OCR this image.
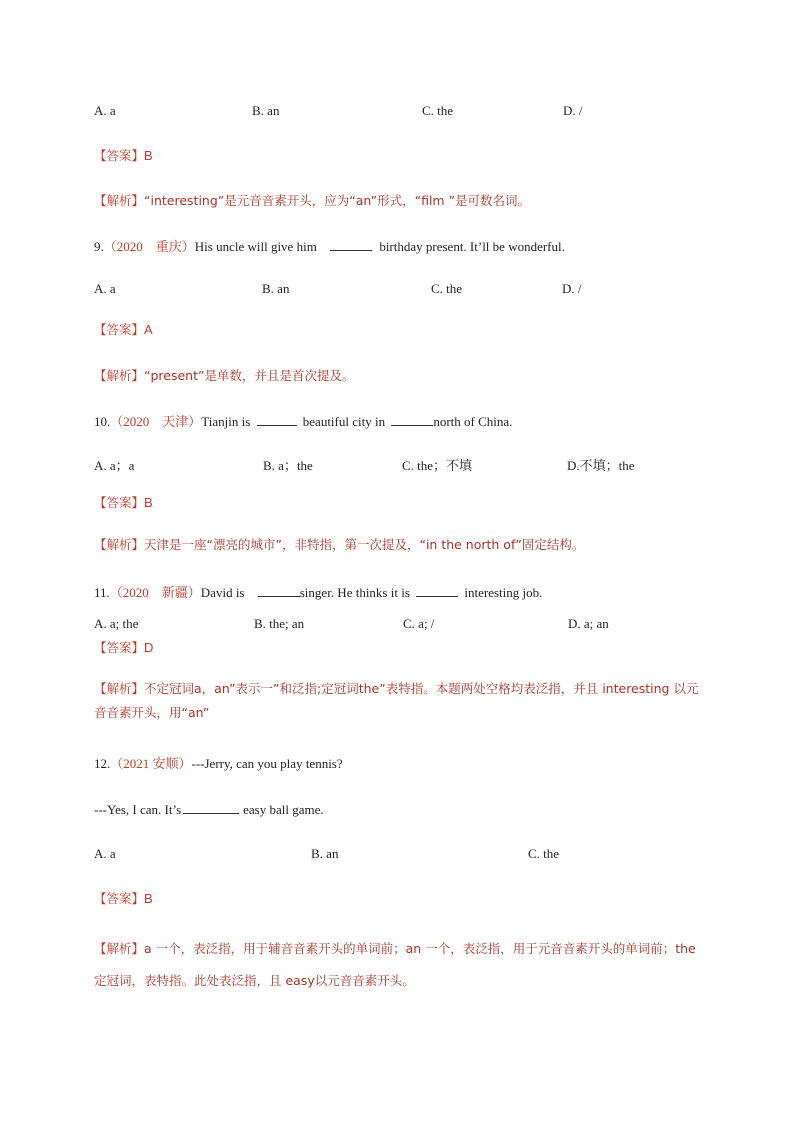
A. a	B. an	C. the	D. /
【答案】B
【解析】“interesting”是元音音素开头，应为“an”形式，“film ”是可数名词。
9.（2020　重庆）His uncle will give him	birthday present. It’ll be wonderful.
A. a	B. an	C. the	D. /
【答案】A
【解析】“present”是单数，并且是首次提及。
10.（2020　天津）Tianjin is	beautiful city in	north of China.
A. a；a	B. a；the	C. the；不填	D.不填；the
【答案】B
【解析】天津是一座“漂亮的城市”，非特指，第一次提及，“in the north of”固定结构。
11.（2020　新疆）David is	singer. He thinks it is	interesting job.
A. a; the	B. the; an	C. a; /	D. a; an
【答案】D
【解析】不定冠词a，an”表示一”和泛指;定冠词the”表特指。本题两处空格均表泛指，并且 interesting 以元音音素开头，用“an”
12.（2021 安顺）---Jerry, can you play tennis?
---Yes, I can. It’s	easy ball game.
A. a	B. an	C. the
【答案】B
【解析】a 一个，表泛指，用于辅音音素开头的单词前；an 一个，表泛指，用于元音音素开头的单词前；the定冠词，表特指。此处表泛指，且 easy以元音音素开头。
